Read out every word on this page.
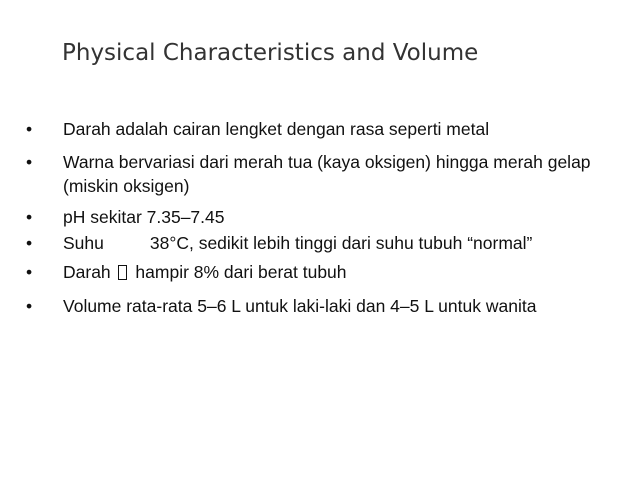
Physical Characteristics and Volume
• Darah adalah cairan lengket dengan rasa seperti metal
• Warna bervariasi dari merah tua (kaya oksigen) hingga merah gelap (miskin oksigen)
• pH sekitar 7.35–7.45
• Suhu	38°C, sedikit lebih tinggi dari suhu tubuh “normal”
• Darah hampir 8% dari berat tubuh
• Volume rata-rata 5–6 L untuk laki-laki dan 4–5 L untuk wanita
